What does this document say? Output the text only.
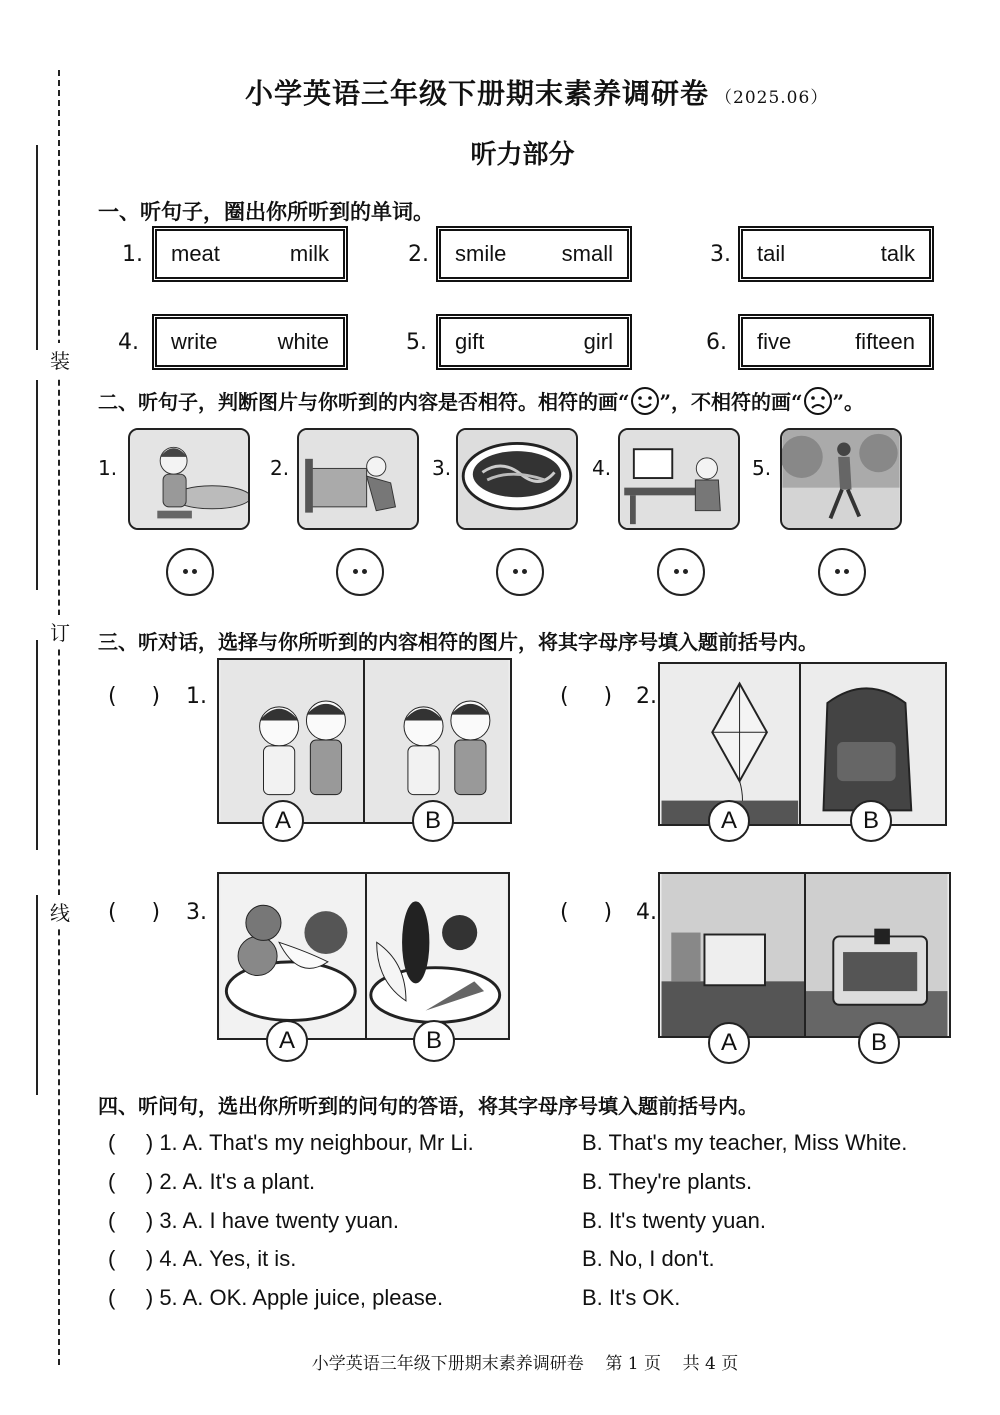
装
订
线
小学英语三年级下册期末素养调研卷 （2025.06）
听力部分
一、听句子，圈出你所听到的单词。
1. meat	milk	2. smile	small	3. tail	talk
4. write	white	5. gift	girl	6. five	fifteen
二、听句子，判断图片与你听到的内容是否相符。相符的画“ ”，不相符的画“ ”。
1.	2.	3.	4.	5.
三、听对话，选择与你所听到的内容相符的图片，将其字母序号填入题前括号内。
(     ) 1.
A	B
(     ) 2.
A	B
(     ) 3.
A	B
(     ) 4.
A	B
四、听问句，选出你所听到的问句的答语，将其字母序号填入题前括号内。
(     ) 1. A. That's my neighbour, Mr Li.	B. That's my teacher, Miss White.
(     ) 2. A. It's a plant.	B. They're plants.
(     ) 3. A. I have twenty yuan.	B. It's twenty yuan.
(     ) 4. A. Yes, it is.	B. No, I don't.
(     ) 5. A. OK. Apple juice, please.	B. It's OK.
小学英语三年级下册期末素养调研卷    第 1 页    共 4 页
